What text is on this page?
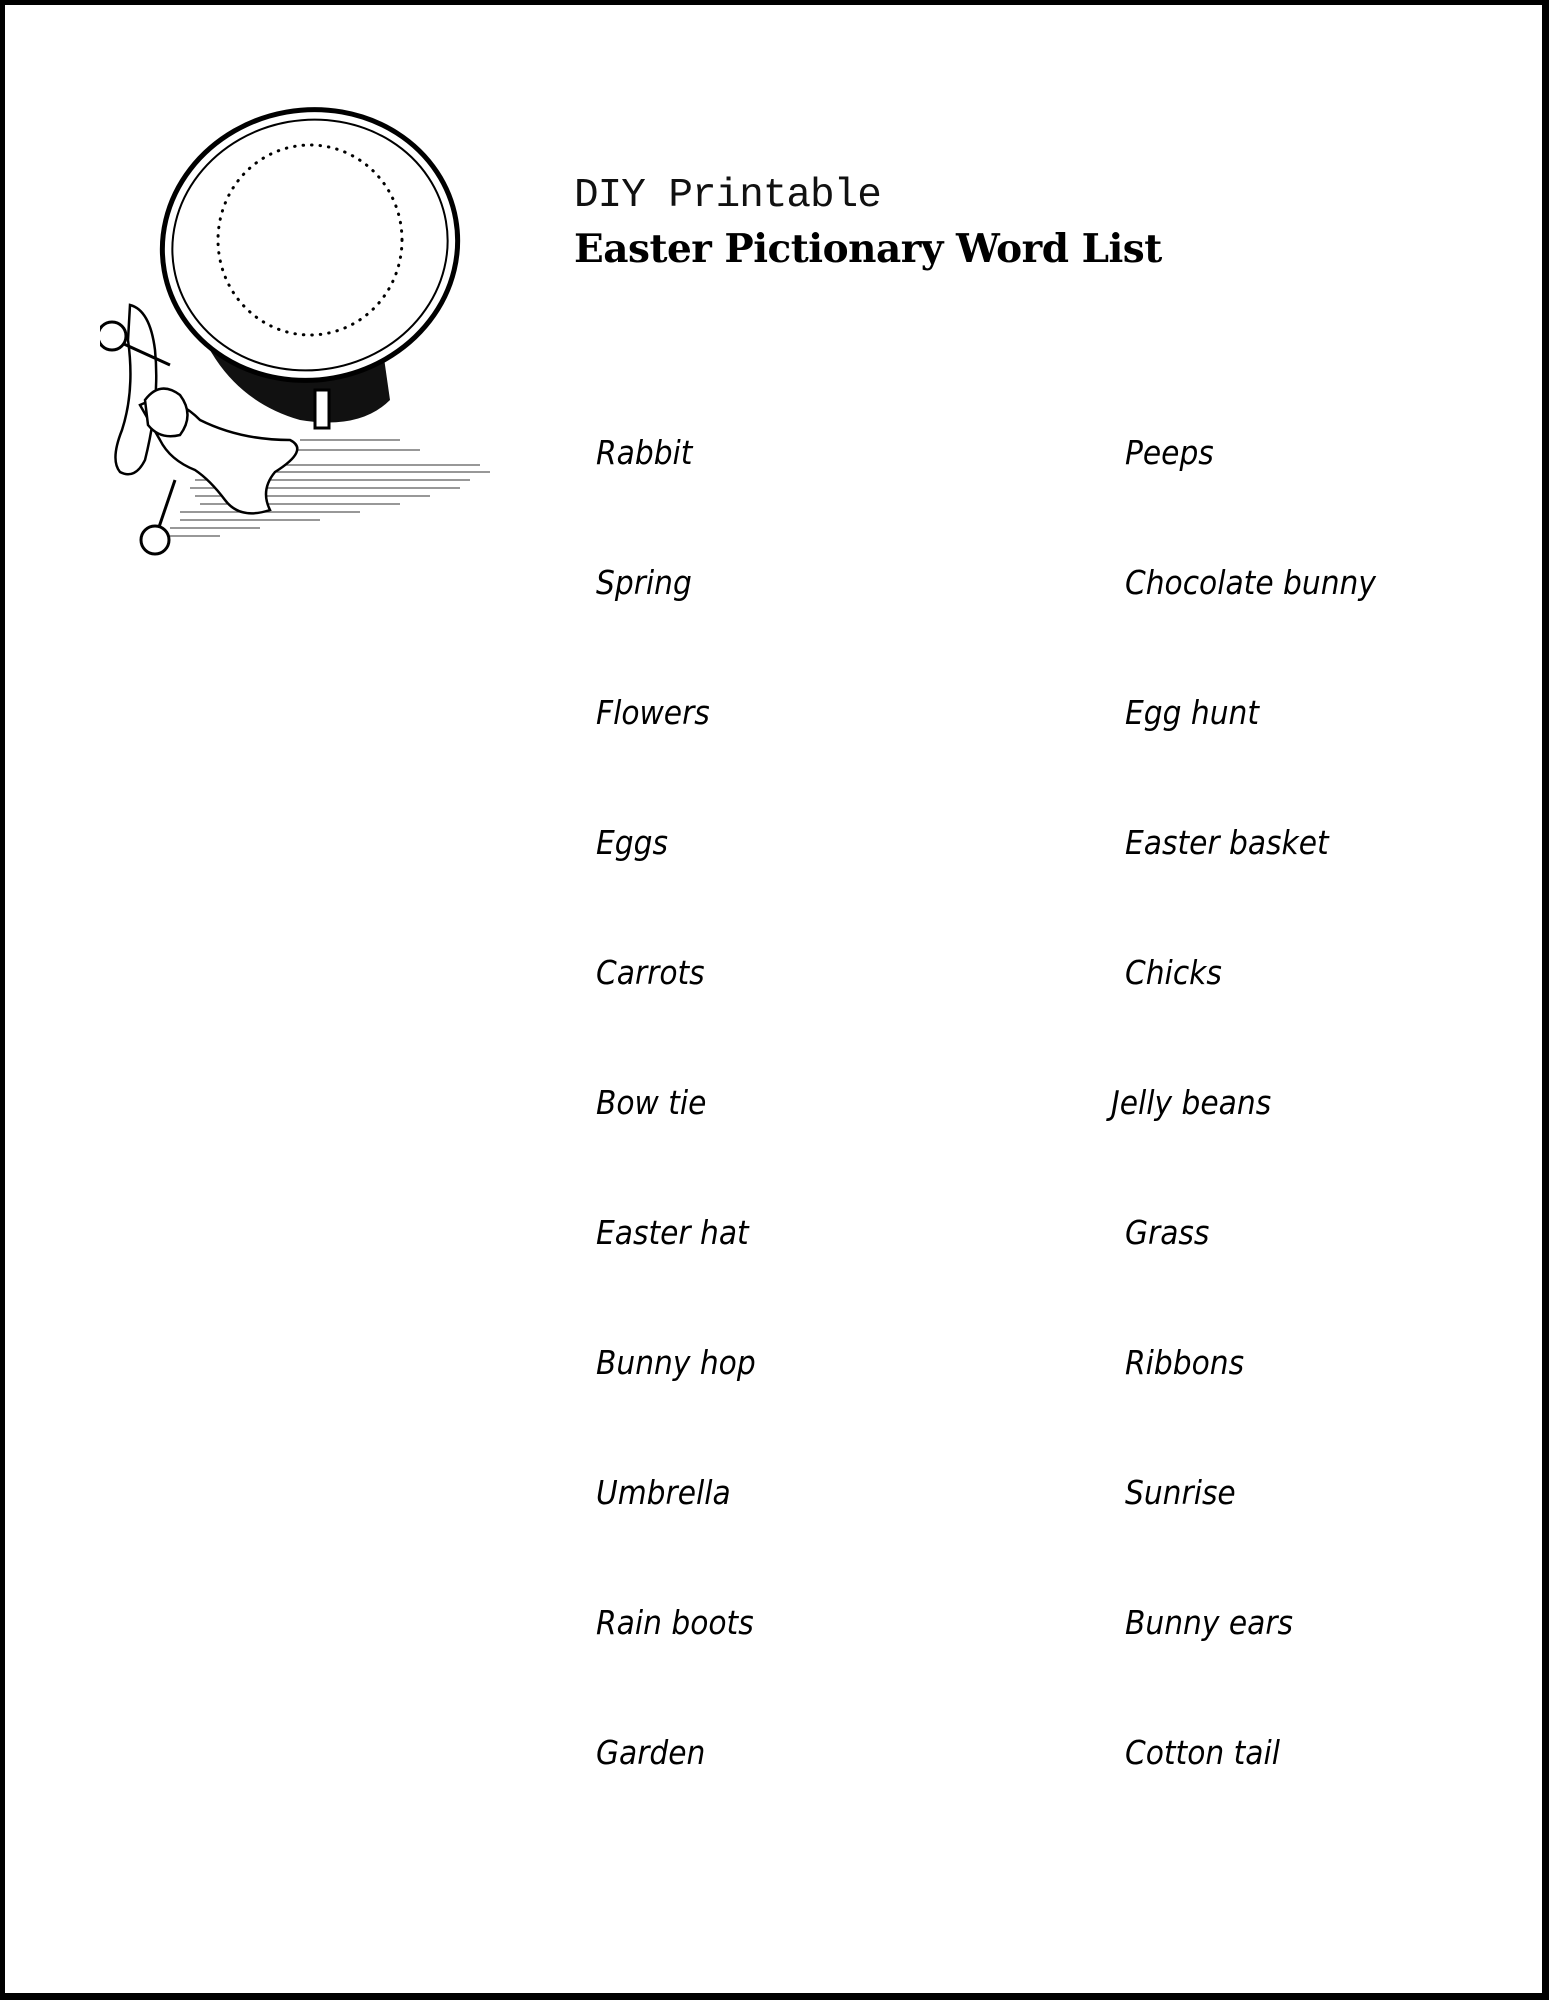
DIY Printable
Easter Pictionary Word List
Rabbit
Spring
Flowers
Eggs
Carrots
Bow tie
Easter hat
Bunny hop
Umbrella
Rain boots
Garden
Peeps
Chocolate bunny
Egg hunt
Easter basket
Chicks
Jelly beans
Grass
Ribbons
Sunrise
Bunny ears
Cotton tail
